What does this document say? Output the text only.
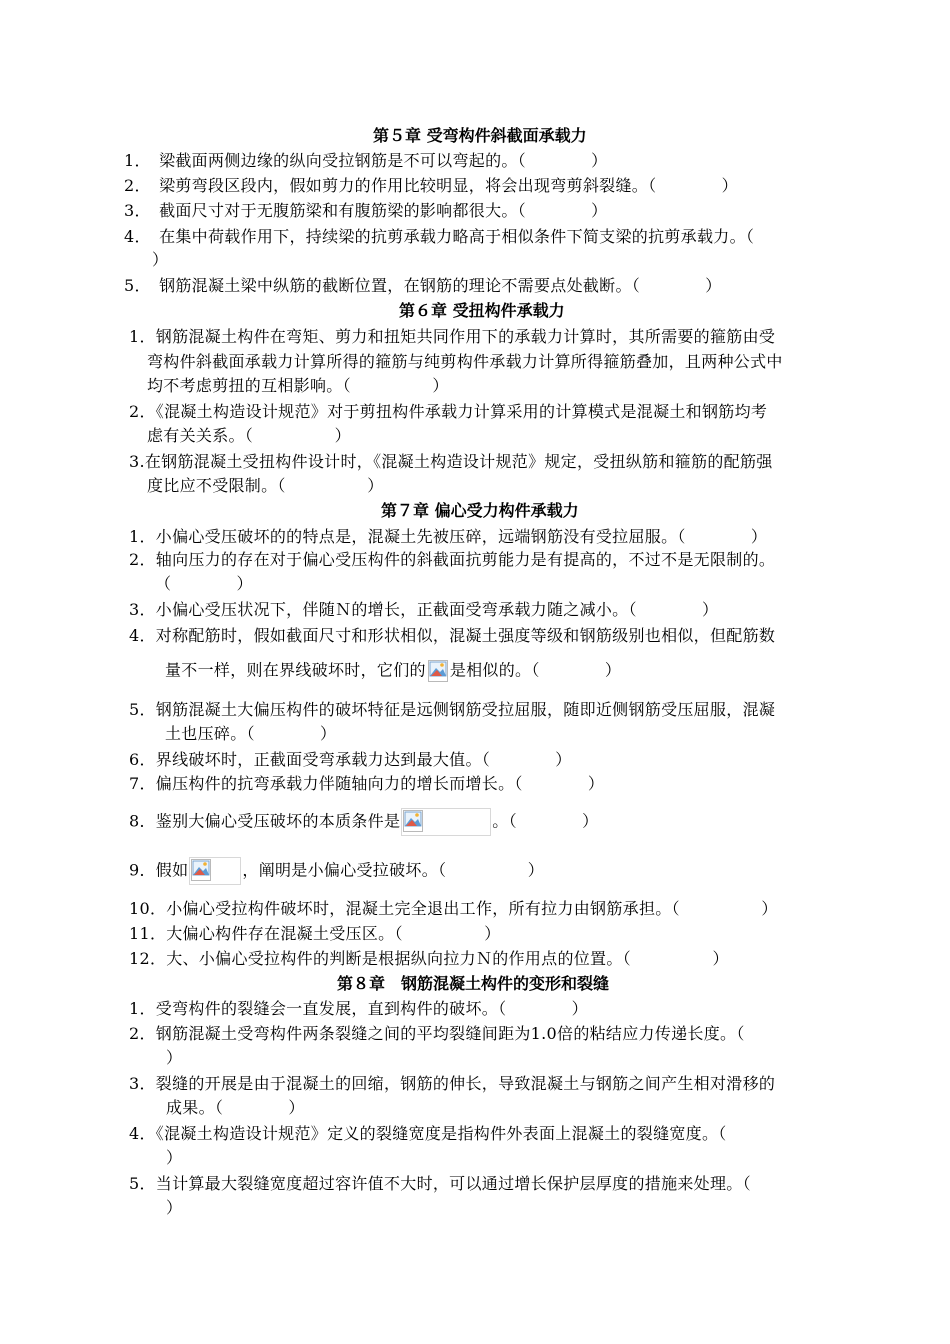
第５章 受弯构件斜截面承载力
1．　梁截面两侧边缘的纵向受拉钢筋是不可以弯起的。（　　　　）
2．　梁剪弯段区段内，假如剪力的作用比较明显，将会出现弯剪斜裂缝。（　　　　）
3．　截面尺寸对于无腹筋梁和有腹筋梁的影响都很大。（　　　　）
4．　在集中荷载作用下，持续梁的抗剪承载力略高于相似条件下简支梁的抗剪承载力。（
）
5．　钢筋混凝土梁中纵筋的截断位置，在钢筋的理论不需要点处截断。（　　　　）
第６章 受扭构件承载力
1．钢筋混凝土构件在弯矩、剪力和扭矩共同作用下的承载力计算时，其所需要的箍筋由受
弯构件斜截面承载力计算所得的箍筋与纯剪构件承载力计算所得箍筋叠加，且两种公式中
均不考虑剪扭的互相影响。（　　　　　）
2．《混凝土构造设计规范》对于剪扭构件承载力计算采用的计算模式是混凝土和钢筋均考
虑有关关系。（　　　　　）
3.在钢筋混凝土受扭构件设计时，《混凝土构造设计规范》规定，受扭纵筋和箍筋的配筋强
度比应不受限制。（　　　　　）
第７章 偏心受力构件承载力
1．小偏心受压破坏的的特点是，混凝土先被压碎，远端钢筋没有受拉屈服。（　　　　）
2．轴向压力的存在对于偏心受压构件的斜截面抗剪能力是有提高的，不过不是无限制的。
（　　　　）
3．小偏心受压状况下，伴随Ｎ的增长，正截面受弯承载力随之减小。（　　　　）
4．对称配筋时，假如截面尺寸和形状相似，混凝土强度等级和钢筋级别也相似，但配筋数
量不一样，则在界线破坏时，它们的 是相似的。（　　　　）
5．钢筋混凝土大偏压构件的破坏特征是远侧钢筋受拉屈服，随即近侧钢筋受压屈服，混凝
土也压碎。（　　　　）
6．界线破坏时，正截面受弯承载力达到最大值。（　　　　）
7．偏压构件的抗弯承载力伴随轴向力的增长而增长。（　　　　）
8．鉴别大偏心受压破坏的本质条件是	。（　　　　）
9．假如	，阐明是小偏心受拉破坏。（　　　　　）
10．小偏心受拉构件破坏时，混凝土完全退出工作，所有拉力由钢筋承担。（　　　　　）
11．大偏心构件存在混凝土受压区。（　　　　　）
12．大、小偏心受拉构件的判断是根据纵向拉力Ｎ的作用点的位置。（　　　　　）
第８章　钢筋混凝土构件的变形和裂缝
1．受弯构件的裂缝会一直发展，直到构件的破坏。（　　　　）
2．钢筋混凝土受弯构件两条裂缝之间的平均裂缝间距为1.0倍的粘结应力传递长度。（
）
3．裂缝的开展是由于混凝土的回缩，钢筋的伸长，导致混凝土与钢筋之间产生相对滑移的
成果。（　　　　）
4．《混凝土构造设计规范》定义的裂缝宽度是指构件外表面上混凝土的裂缝宽度。（
）
5．当计算最大裂缝宽度超过容许值不大时，可以通过增长保护层厚度的措施来处理。（
）
